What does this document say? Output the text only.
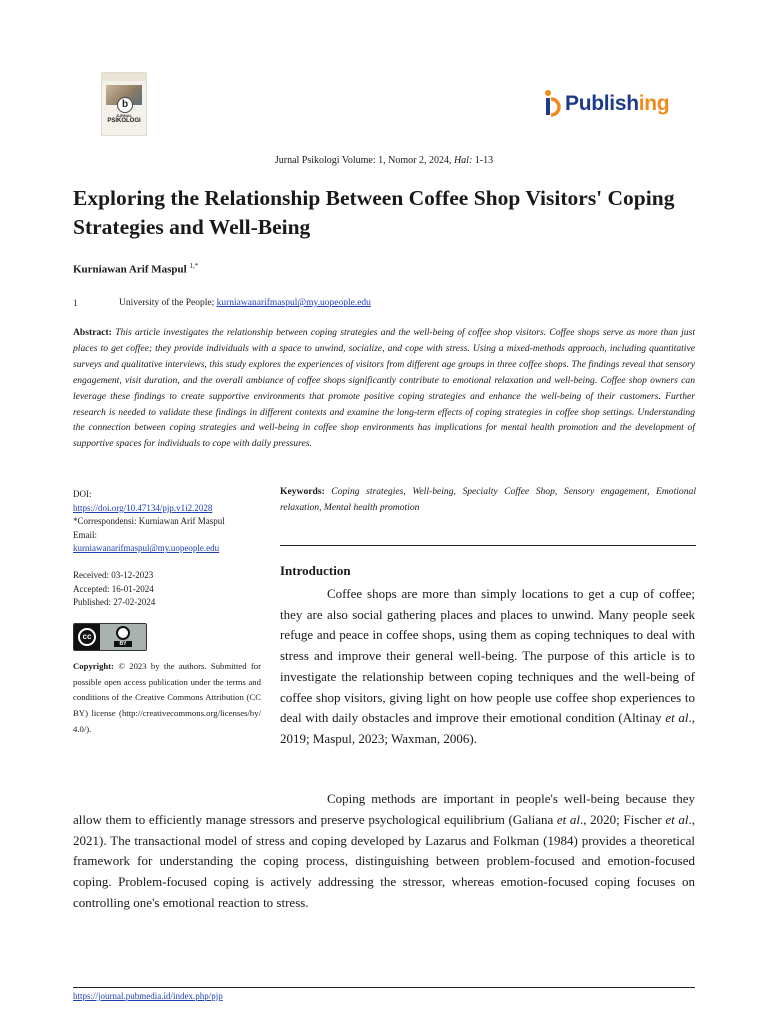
b
JURNAL
PSIKOLOGI
Publishing
Jurnal Psikologi Volume: 1, Nomor 2, 2024, Hal: 1-13
Exploring the Relationship Between Coffee Shop Visitors' Coping Strategies and Well-Being
Kurniawan Arif Maspul $^{1,*}$
1	University of the People; kurniawanarifmaspul@my.uopeople.edu
Abstract: This article investigates the relationship between coping strategies and the well-being of coffee shop visitors. Coffee shops serve as more than just places to get coffee; they provide individuals with a space to unwind, socialize, and cope with stress. Using a mixed-methods approach, including quantitative surveys and qualitative interviews, this study explores the experiences of visitors from different age groups in three coffee shops. The findings reveal that sensory engagement, visit duration, and the overall ambiance of coffee shops significantly contribute to emotional relaxation and well-being. Coffee shop owners can leverage these findings to create supportive environments that promote positive coping strategies and enhance the well-being of their customers. Further research is needed to validate these findings in different contexts and examine the long-term effects of coping strategies in coffee shop settings. Understanding the connection between coping strategies and well-being in coffee shop environments has implications for mental health promotion and the development of supportive spaces for individuals to cope with daily pressures.
DOI:
https://doi.org/10.47134/pjp.v1i2.2028
*Correspondensi: Kurniawan Arif Maspul
Email:
kurniawanarifmaspul@my.uopeople.edu
Received: 03-12-2023
Accepted: 16-01-2024
Published: 27-02-2024
cc
BY
Copyright: © 2023 by the authors. Submitted for possible open access publication under the terms and conditions of the Creative Commons Attribution (CC BY) license (http://creativecommons.org/licenses/by/ 4.0/).
Keywords: Coping strategies, Well-being, Specialty Coffee Shop, Sensory engagement, Emotional relaxation, Mental health promotion
Introduction
Coffee shops are more than simply locations to get a cup of coffee; they are also social gathering places and places to unwind. Many people seek refuge and peace in coffee shops, using them as coping techniques to deal with stress and improve their general well-being. The purpose of this article is to investigate the relationship between coping techniques and the well-being of coffee shop visitors, giving light on how people use coffee shop experiences to deal with daily obstacles and improve their emotional condition (Altinay et al., 2019; Maspul, 2023; Waxman, 2006).
Coping methods are important in people's well-being because they allow them to efficiently manage stressors and preserve psychological equilibrium (Galiana et al., 2020; Fischer et al., 2021). The transactional model of stress and coping developed by Lazarus and Folkman (1984) provides a theoretical framework for understanding the coping process, distinguishing between problem-focused and emotion-focused coping. Problem-focused coping is actively addressing the stressor, whereas emotion-focused coping focuses on controlling one's emotional reaction to stress.
https://journal.pubmedia.id/index.php/pjp
